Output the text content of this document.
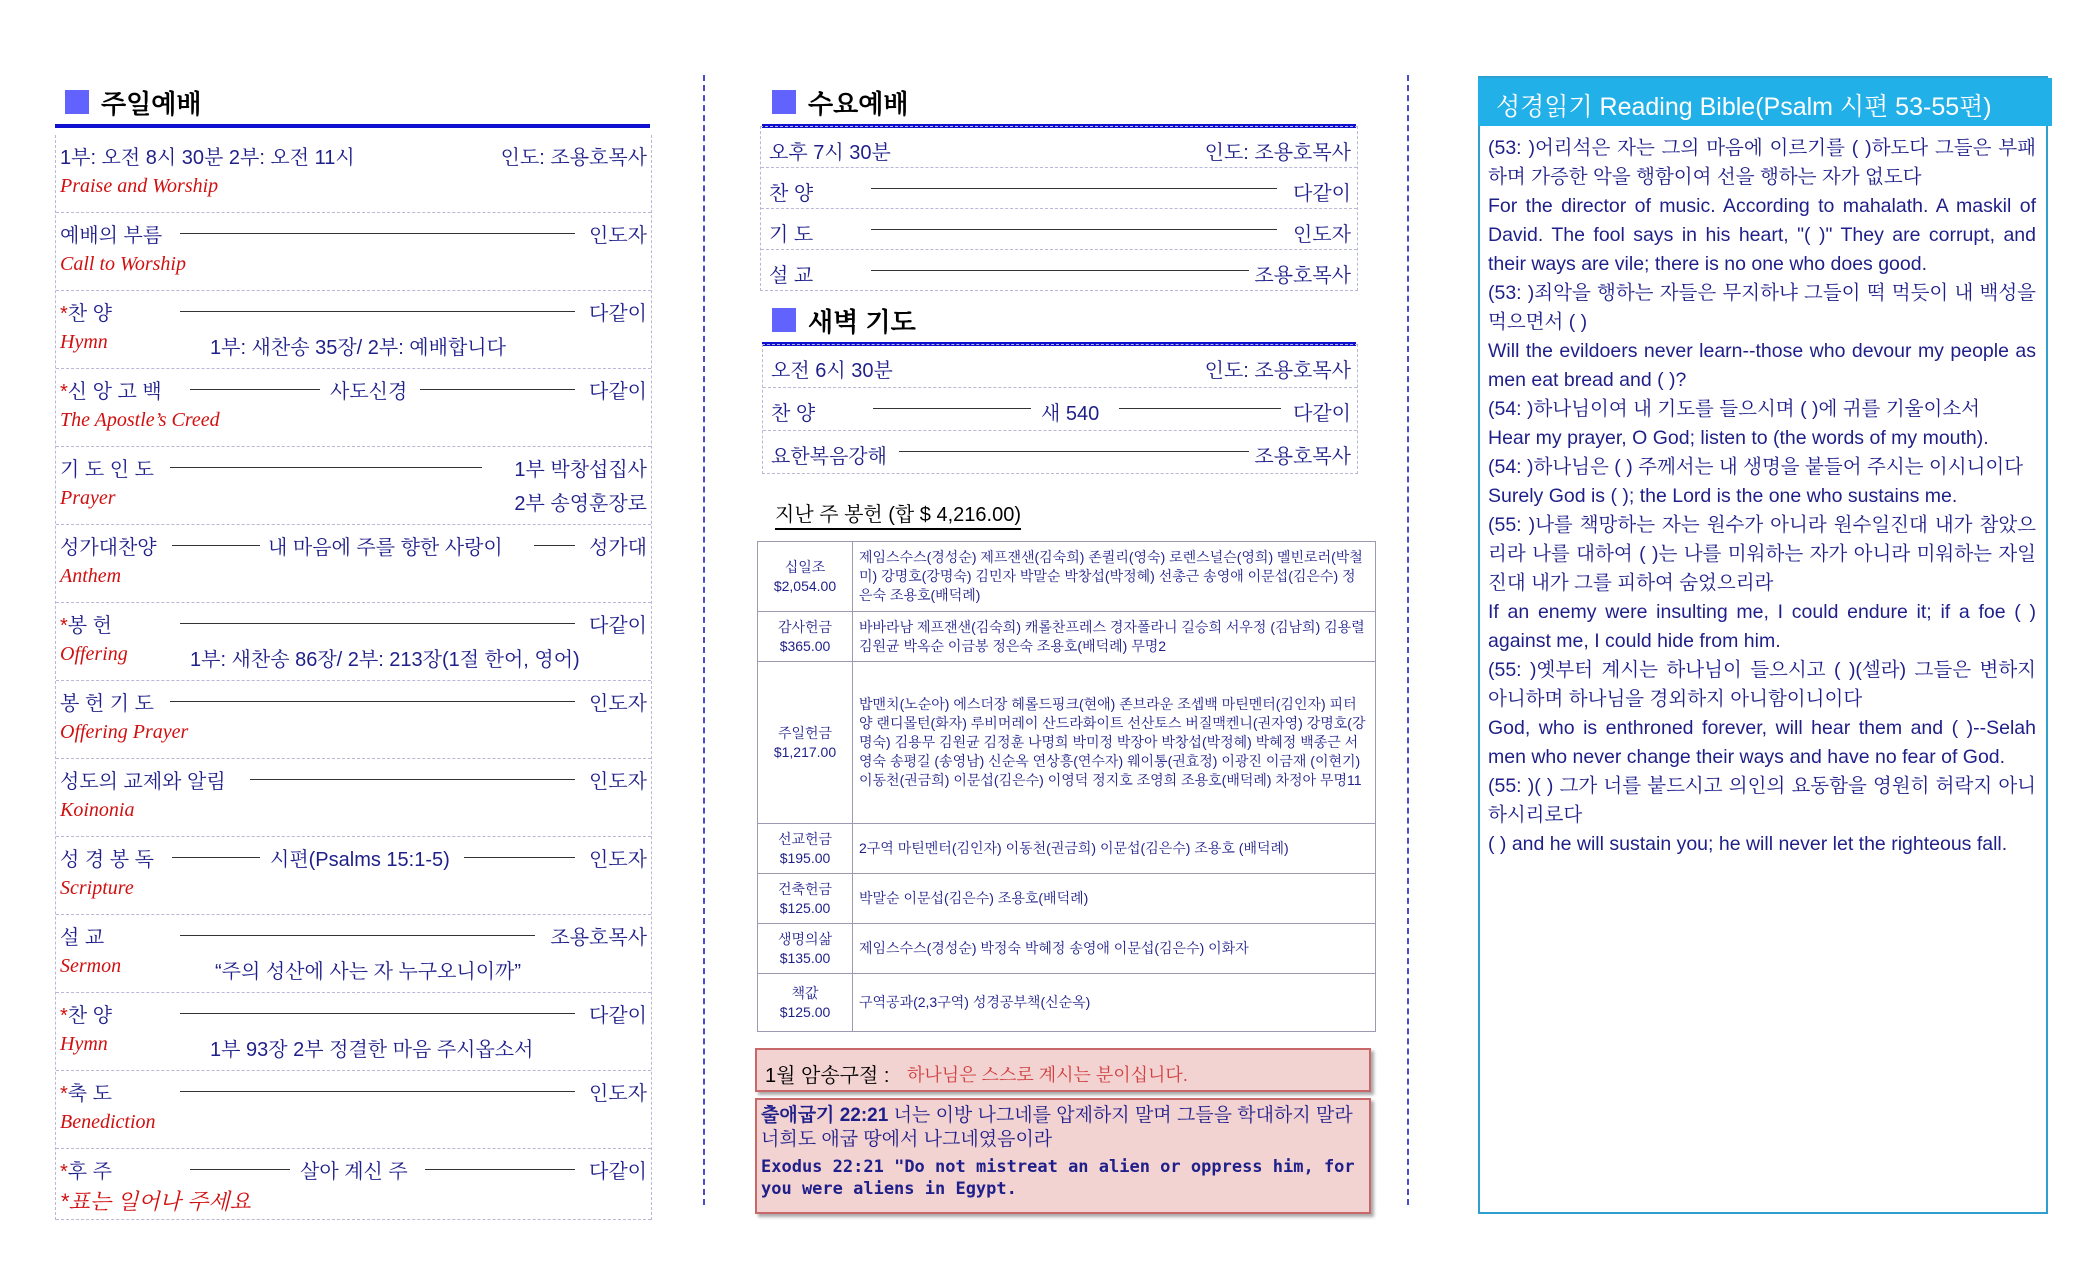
주일예배
1부: 오전 8시 30분 2부: 오전 11시	인도: 조용호목사
Praise and Worship
예배의 부름	인도자
Call to Worship
*찬 양	다같이
Hymn	1부: 새찬송 35장/ 2부: 예배합니다
*신 앙 고 백	사도신경	다같이
The Apostle’s Creed
기 도 인 도	1부 박창섭집사
Prayer	2부 송영훈장로
성가대찬양	내 마음에 주를 향한 사랑이	성가대
Anthem
*봉 헌	다같이
Offering	1부: 새찬송 86장/ 2부: 213장(1절 한어, 영어)
봉 헌 기 도	인도자
Offering Prayer
성도의 교제와 알림	인도자
Koinonia
성 경 봉 독	시편(Psalms 15:1-5)	인도자
Scripture
설 교	조용호목사
Sermon	“주의 성산에 사는 자 누구오니이까”
*찬 양	다같이
Hymn	1부 93장 2부 정결한 마음 주시옵소서
*축 도	인도자
Benediction
*후 주	살아 계신 주	다같이
*표는 일어나 주세요
수요예배
오후 7시 30분	인도: 조용호목사
찬 양	다같이
기 도	인도자
설 교	조용호목사
새벽 기도
오전 6시 30분	인도: 조용호목사
찬 양	새 540	다같이
요한복음강해	조용호목사
지난 주 봉헌 (합 $ 4,216.00)
십일조
$2,054.00	제임스수스(경성순) 제프잰샌(김숙희) 존퀼리(영숙) 로렌스널슨(영희) 멜빈로러(박철미) 강명호(강명숙) 김민자 박말순 박창섭(박정혜) 선총근 송영애 이문섭(김은수) 정은숙 조용호(배덕례)
감사헌금
$365.00	바바라남 제프잰샌(김숙희) 캐롤찬프레스 경자폴라니 길승희 서우정 (김남희) 김용렬 김원균 박옥순 이금봉 정은숙 조용호(배덕례) 무명2
주일헌금
$1,217.00	밥맨치(노순아) 에스더장 헤롤드핑크(현애) 존브라운 조셉백 마틴멘터(김인자) 피터양 랜디몰턴(화자) 루비머레이 산드라화이트 선산토스 버질맥켄니(권자영) 강명호(강명숙) 김용무 김원균 김정훈 나명희 박미정 박장아 박창섭(박정혜) 박혜정 백종근 서영숙 송평길 (송영남) 신순옥 연상흥(연수자) 웨이통(권효정) 이광진 이금재 (이현기) 이동천(권금희) 이문섭(김은수) 이영덕 정지호 조영희 조용호(배덕례) 차정아 무명11
선교헌금
$195.00	2구역 마틴멘터(김인자) 이동천(권금희) 이문섭(김은수) 조용호 (배덕례)
건축헌금
$125.00	박말순 이문섭(김은수) 조용호(배덕례)
생명의삶
$135.00	제임스수스(경성순) 박정숙 박혜정 송영애 이문섭(김은수) 이화자
책값
$125.00	구역공과(2,3구역) 성경공부책(신순옥)
1월 암송구절 : 하나님은 스스로 계시는 분이십니다.
출애굽기 22:21 너는 이방 나그네를 압제하지 말며 그들을 학대하지 말라 너희도 애굽 땅에서 나그네였음이라
Exodus 22:21 "Do not mistreat an alien or oppress him, for you were aliens in Egypt.
성경읽기 Reading Bible(Psalm 시편 53-55편)
(53: )어리석은 자는 그의 마음에 이르기를 ( )하도다 그들은 부패하며 가증한 악을 행함이여 선을 행하는 자가 없도다
For the director of music. According to mahalath. A maskil of David. The fool says in his heart, "( )" They are corrupt, and their ways are vile; there is no one who does good.
(53: )죄악을 행하는 자들은 무지하냐 그들이 떡 먹듯이 내 백성을 먹으면서 ( )
Will the evildoers never learn--those who devour my people as men eat bread and ( )?
(54: )하나님이여 내 기도를 들으시며 ( )에 귀를 기울이소서
Hear my prayer, O God; listen to (the words of my mouth).
(54: )하나님은 ( ) 주께서는 내 생명을 붙들어 주시는 이시니이다
Surely God is ( ); the Lord is the one who sustains me.
(55: )나를 책망하는 자는 원수가 아니라 원수일진대 내가 참았으리라 나를 대하여 ( )는 나를 미워하는 자가 아니라 미워하는 자일진대 내가 그를 피하여 숨었으리라
If an enemy were insulting me, I could endure it; if a foe ( ) against me, I could hide from him.
(55: )옛부터 계시는 하나님이 들으시고 ( )(셀라) 그들은 변하지 아니하며 하나님을 경외하지 아니함이니이다
God, who is enthroned forever, will hear them and ( )--Selah men who never change their ways and have no fear of God.
(55: )( ) 그가 너를 붙드시고 의인의 요동함을 영원히 허락지 아니하시리로다
( ) and he will sustain you; he will never let the righteous fall.
